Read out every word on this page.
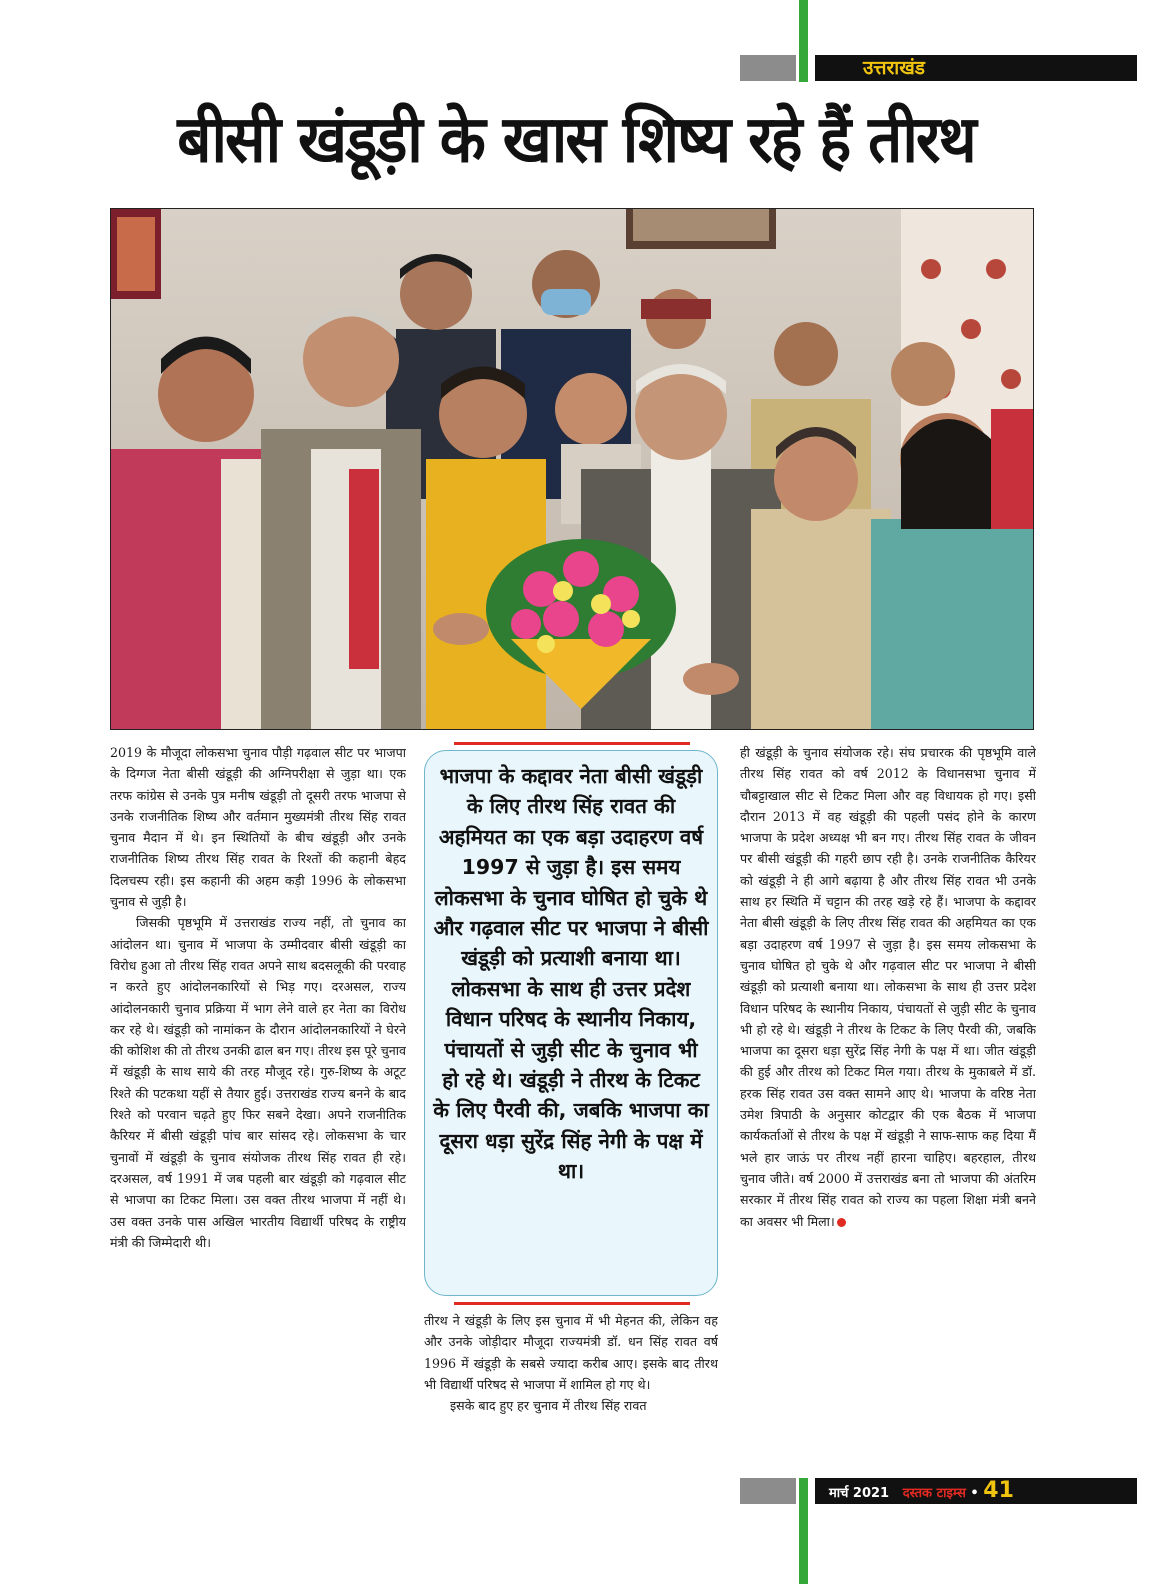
उत्तराखंड
बीसी खंडूड़ी के खास शिष्य रहे हैं तीरथ

2019 के मौजूदा लोकसभा चुनाव पौड़ी गढ़वाल सीट पर भाजपा के दिग्गज नेता बीसी खंडूड़ी की अग्निपरीक्षा से जुड़ा था। एक तरफ कांग्रेस से उनके पुत्र मनीष खंडूड़ी तो दूसरी तरफ भाजपा से उनके राजनीतिक शिष्य और वर्तमान मुख्यमंत्री तीरथ सिंह रावत चुनाव मैदान में थे। इन स्थितियों के बीच खंडूड़ी और उनके राजनीतिक शिष्य तीरथ सिंह रावत के रिश्तों की कहानी बेहद दिलचस्प रही। इस कहानी की अहम कड़ी 1996 के लोकसभा चुनाव से जुड़ी है।

जिसकी पृष्ठभूमि में उत्तराखंड राज्य नहीं, तो चुनाव का आंदोलन था। चुनाव में भाजपा के उम्मीदवार बीसी खंडूड़ी का विरोध हुआ तो तीरथ सिंह रावत अपने साथ बदसलूकी की परवाह न करते हुए आंदोलनकारियों से भिड़ गए। दरअसल, राज्य आंदोलनकारी चुनाव प्रक्रिया में भाग लेने वाले हर नेता का विरोध कर रहे थे। खंडूड़ी को नामांकन के दौरान आंदोलनकारियों ने घेरने की कोशिश की तो तीरथ उनकी ढाल बन गए। तीरथ इस पूरे चुनाव में खंडूड़ी के साथ साये की तरह मौजूद रहे। गुरु-शिष्य के अटूट रिश्ते की पटकथा यहीं से तैयार हुई। उत्तराखंड राज्य बनने के बाद रिश्ते को परवान चढ़ते हुए फिर सबने देखा। अपने राजनीतिक कैरियर में बीसी खंडूड़ी पांच बार सांसद रहे। लोकसभा के चार चुनावों में खंडूड़ी के चुनाव संयोजक तीरथ सिंह रावत ही रहे। दरअसल, वर्ष 1991 में जब पहली बार खंडूड़ी को गढ़वाल सीट से भाजपा का टिकट मिला। उस वक्त तीरथ भाजपा में नहीं थे। उस वक्त उनके पास अखिल भारतीय विद्यार्थी परिषद के राष्ट्रीय मंत्री की जिम्मेदारी थी।

भाजपा के कद्दावर नेता बीसी खंडूड़ी के लिए तीरथ सिंह रावत की अहमियत का एक बड़ा उदाहरण वर्ष 1997 से जुड़ा है। इस समय लोकसभा के चुनाव घोषित हो चुके थे और गढ़वाल सीट पर भाजपा ने बीसी खंडूड़ी को प्रत्याशी बनाया था। लोकसभा के साथ ही उत्तर प्रदेश विधान परिषद के स्थानीय निकाय, पंचायतों से जुड़ी सीट के चुनाव भी हो रहे थे। खंडूड़ी ने तीरथ के टिकट के लिए पैरवी की, जबकि भाजपा का दूसरा धड़ा सुरेंद्र सिंह नेगी के पक्ष में था।

तीरथ ने खंडूड़ी के लिए इस चुनाव में भी मेहनत की, लेकिन वह और उनके जोड़ीदार मौजूदा राज्यमंत्री डॉ. धन सिंह रावत वर्ष 1996 में खंडूड़ी के सबसे ज्यादा करीब आए। इसके बाद तीरथ भी विद्यार्थी परिषद से भाजपा में शामिल हो गए थे।

इसके बाद हुए हर चुनाव में तीरथ सिंह रावत

ही खंडूड़ी के चुनाव संयोजक रहे। संघ प्रचारक की पृष्ठभूमि वाले तीरथ सिंह रावत को वर्ष 2012 के विधानसभा चुनाव में चौबट्टाखाल सीट से टिकट मिला और वह विधायक हो गए। इसी दौरान 2013 में वह खंडूड़ी की पहली पसंद होने के कारण भाजपा के प्रदेश अध्यक्ष भी बन गए। तीरथ सिंह रावत के जीवन पर बीसी खंडूड़ी की गहरी छाप रही है। उनके राजनीतिक कैरियर को खंडूड़ी ने ही आगे बढ़ाया है और तीरथ सिंह रावत भी उनके साथ हर स्थिति में चट्टान की तरह खड़े रहे हैं। भाजपा के कद्दावर नेता बीसी खंडूड़ी के लिए तीरथ सिंह रावत की अहमियत का एक बड़ा उदाहरण वर्ष 1997 से जुड़ा है। इस समय लोकसभा के चुनाव घोषित हो चुके थे और गढ़वाल सीट पर भाजपा ने बीसी खंडूड़ी को प्रत्याशी बनाया था। लोकसभा के साथ ही उत्तर प्रदेश विधान परिषद के स्थानीय निकाय, पंचायतों से जुड़ी सीट के चुनाव भी हो रहे थे। खंडूड़ी ने तीरथ के टिकट के लिए पैरवी की, जबकि भाजपा का दूसरा धड़ा सुरेंद्र सिंह नेगी के पक्ष में था। जीत खंडूड़ी की हुई और तीरथ को टिकट मिल गया। तीरथ के मुकाबले में डॉ. हरक सिंह रावत उस वक्त सामने आए थे। भाजपा के वरिष्ठ नेता उमेश त्रिपाठी के अनुसार कोटद्वार की एक बैठक में भाजपा कार्यकर्ताओं से तीरथ के पक्ष में खंडूड़ी ने साफ-साफ कह दिया मैं भले हार जाऊं पर तीरथ नहीं हारना चाहिए। बहरहाल, तीरथ चुनाव जीते। वर्ष 2000 में उत्तराखंड बना तो भाजपा की अंतरिम सरकार में तीरथ सिंह रावत को राज्य का पहला शिक्षा मंत्री बनने का अवसर भी मिला।

मार्च 2021 दस्तक टाइम्स • 41
